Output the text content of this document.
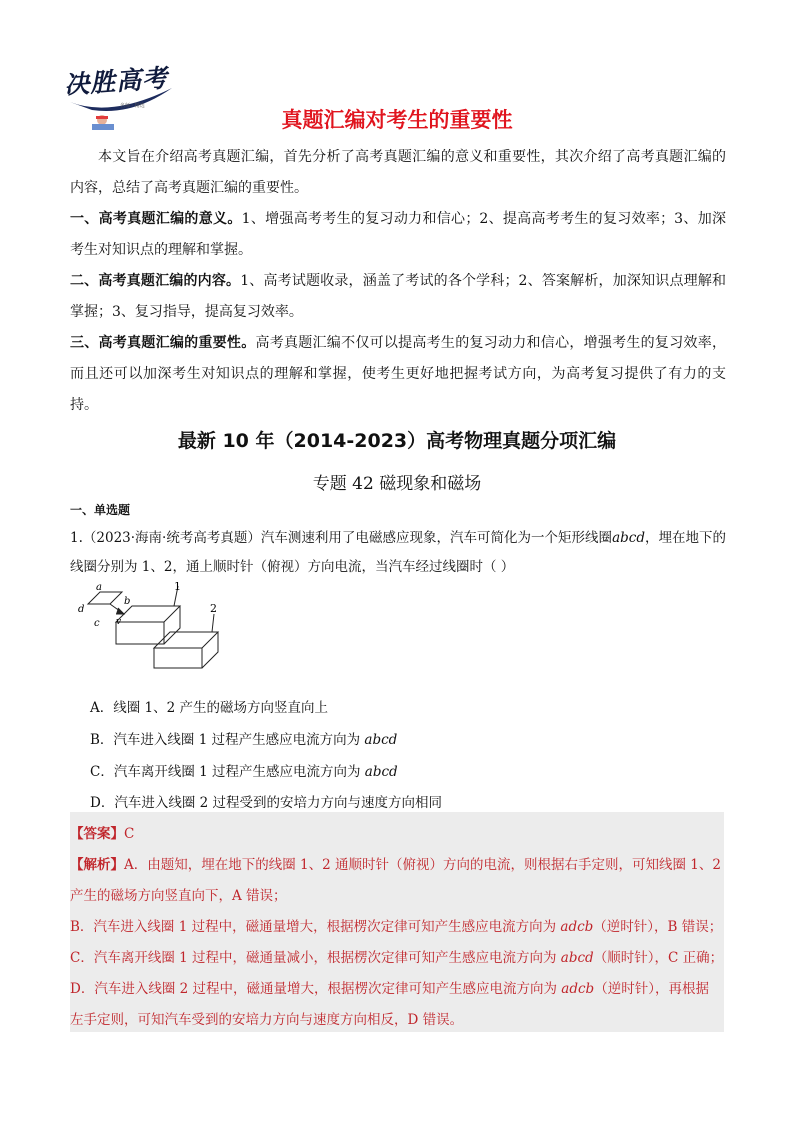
决胜高考
名师 · 精选
真题汇编对考生的重要性

本文旨在介绍高考真题汇编，首先分析了高考真题汇编的意义和重要性，其次介绍了高考真题汇编的内容，总结了高考真题汇编的重要性。

一、高考真题汇编的意义。1、增强高考考生的复习动力和信心；2、提高高考考生的复习效率；3、加深考生对知识点的理解和掌握。

二、高考真题汇编的内容。1、高考试题收录，涵盖了考试的各个学科；2、答案解析，加深知识点理解和掌握；3、复习指导，提高复习效率。

三、高考真题汇编的重要性。高考真题汇编不仅可以提高考生的复习动力和信心，增强考生的复习效率，而且还可以加深考生对知识点的理解和掌握，使考生更好地把握考试方向，为高考复习提供了有力的支持。

最新 10 年（2014-2023）高考物理真题分项汇编
专题 42 磁现象和磁场
一、单选题

1.（2023·海南·统考高考真题）汽车测速利用了电磁感应现象，汽车可简化为一个矩形线圈abcd，埋在地下的线圈分别为 1、2，通上顺时针（俯视）方向电流，当汽车经过线圈时（ ）

a
b
d
c v
1
2
A．线圈 1、2 产生的磁场方向竖直向上
B．汽车进入线圈 1 过程产生感应电流方向为 abcd
C．汽车离开线圈 1 过程产生感应电流方向为 abcd
D．汽车进入线圈 2 过程受到的安培力方向与速度方向相同
【答案】C
【解析】A．由题知，埋在地下的线圈 1、2 通顺时针（俯视）方向的电流，则根据右手定则，可知线圈 1、2
产生的磁场方向竖直向下，A 错误；
B．汽车进入线圈 1 过程中，磁通量增大，根据楞次定律可知产生感应电流方向为 adcb（逆时针），B 错误；
C．汽车离开线圈 1 过程中，磁通量减小，根据楞次定律可知产生感应电流方向为 abcd（顺时针），C 正确；
D．汽车进入线圈 2 过程中，磁通量增大，根据楞次定律可知产生感应电流方向为 adcb（逆时针），再根据
左手定则，可知汽车受到的安培力方向与速度方向相反，D 错误。
